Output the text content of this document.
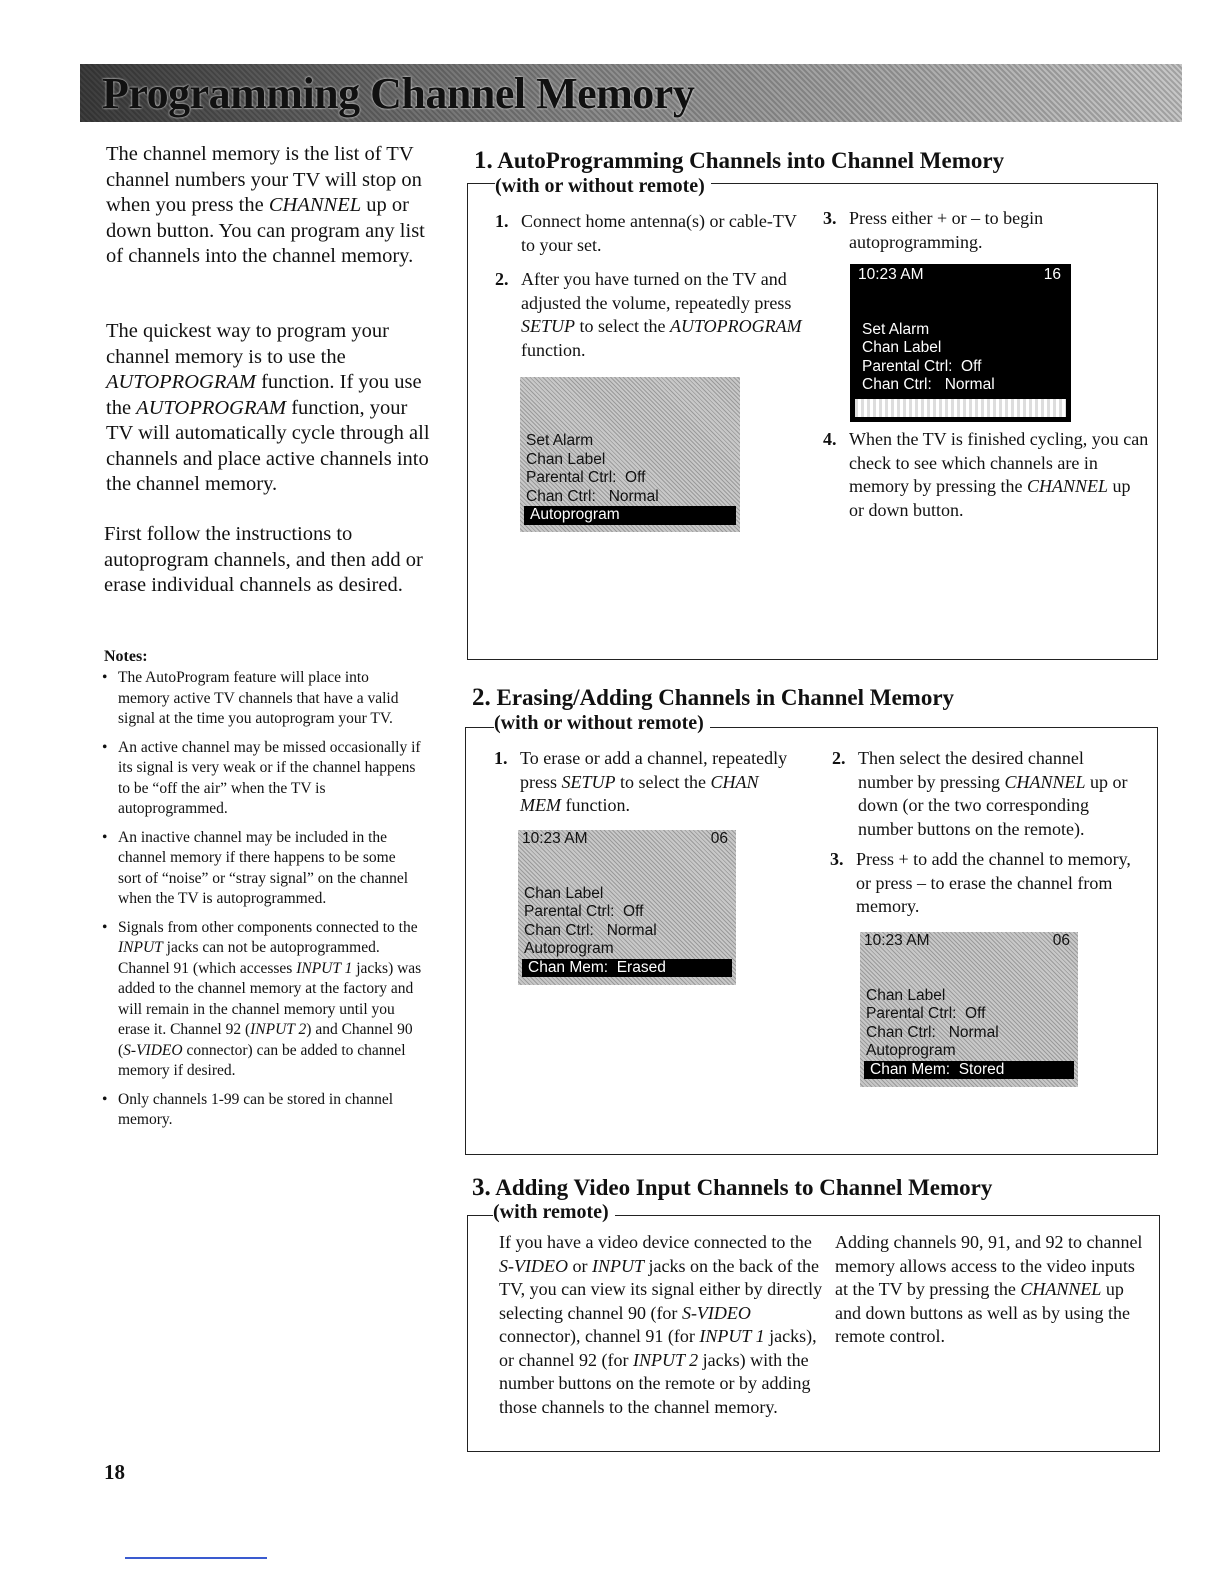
Programming Channel Memory
The channel memory is the list of TV channel numbers your TV will stop on when you press the CHANNEL up or down button. You can program any list of channels into the channel memory.
The quickest way to program your channel memory is to use the AUTOPROGRAM function. If you use the AUTOPROGRAM function, your TV will automatically cycle through all channels and place active channels into the channel memory.
First follow the instructions to autoprogram channels, and then add or erase individual channels as desired.
Notes:
• The AutoProgram feature will place into memory active TV channels that have a valid signal at the time you autoprogram your TV.
• An active channel may be missed occasionally if its signal is very weak or if the channel happens to be “off the air” when the TV is autoprogrammed.
• An inactive channel may be included in the channel memory if there happens to be some sort of “noise” or “stray signal” on the channel when the TV is autoprogrammed.
• Signals from other components connected to the INPUT jacks can not be autoprogrammed. Channel 91 (which accesses INPUT 1 jacks) was added to the channel memory at the factory and will remain in the channel memory until you erase it. Channel 92 (INPUT 2) and Channel 90 (S-VIDEO connector) can be added to channel memory if desired.
• Only channels 1-99 can be stored in channel memory.
1. AutoProgramming Channels into Channel Memory
(with or without remote)
1. Connect home antenna(s) or cable-TV to your set.
2. After you have turned on the TV and adjusted the volume, repeatedly press SETUP to select the AUTOPROGRAM function.
3. Press either + or – to begin autoprogramming.
4. When the TV is finished cycling, you can check to see which channels are in memory by pressing the CHANNEL up or down button.
Set Alarm
Chan Label
Parental Ctrl:  Off
Chan Ctrl:   Normal
Autoprogram
10:23 AM	16
Set Alarm
Chan Label
Parental Ctrl:  Off
Chan Ctrl:   Normal
2. Erasing/Adding Channels in Channel Memory
(with or without remote)
1. To erase or add a channel, repeatedly press SETUP to select the CHAN MEM function.
2. Then select the desired channel number by pressing CHANNEL up or down (or the two corresponding number buttons on the remote).
3. Press + to add the channel to memory, or press – to erase the channel from memory.
10:23 AM	06
Chan Label
Parental Ctrl:  Off
Chan Ctrl:   Normal
Autoprogram
Chan Mem:  Erased
10:23 AM	06
Chan Label
Parental Ctrl:  Off
Chan Ctrl:   Normal
Autoprogram
Chan Mem:  Stored
3. Adding Video Input Channels to Channel Memory
(with remote)
If you have a video device connected to the S-VIDEO or INPUT jacks on the back of the TV, you can view its signal either by directly selecting channel 90 (for S-VIDEO connector), channel 91 (for INPUT 1 jacks), or channel 92 (for INPUT 2 jacks) with the number buttons on the remote or by adding those channels to the channel memory.
Adding channels 90, 91, and 92 to channel memory allows access to the video inputs at the TV by pressing the CHANNEL up and down buttons as well as by using the remote control.
18
